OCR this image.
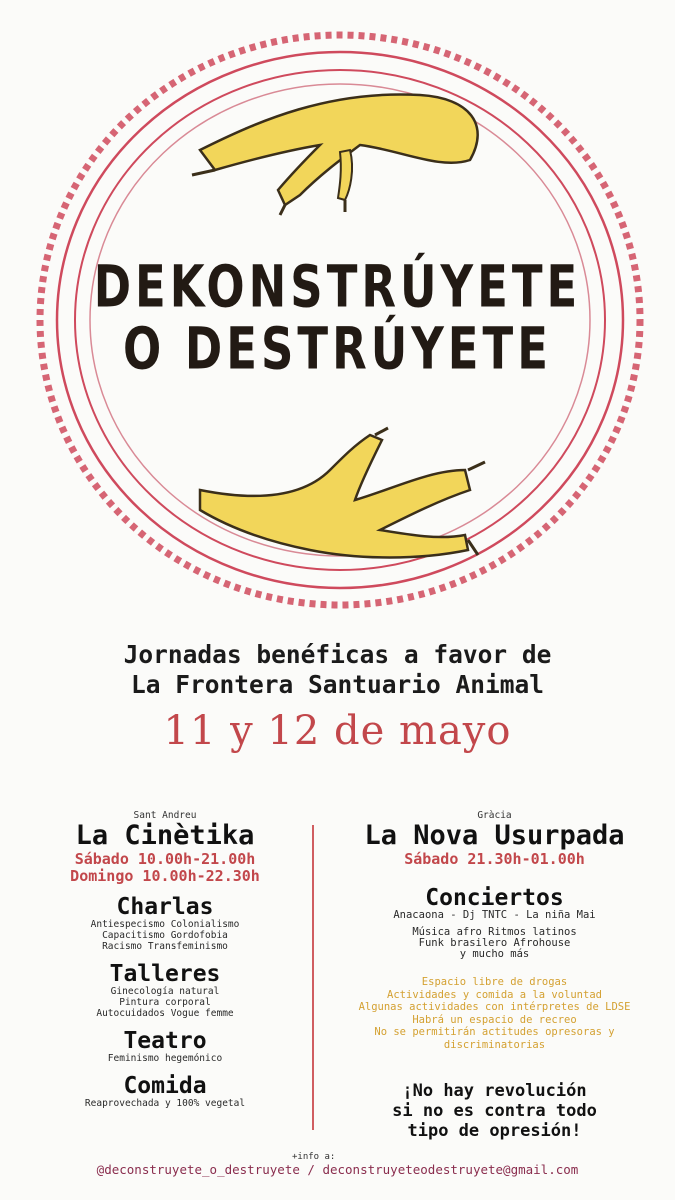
DEKONSTRÚYETE
O DESTRÚYETE
Jornadas benéficas a favor de
La Frontera Santuario Animal
11 y 12 de mayo
Sant Andreu
La Cinètika
Sábado 10.00h-21.00h
Domingo 10.00h-22.30h
Charlas
Antiespecismo Colonialismo
Capacitismo Gordofobia
Racismo Transfeminismo
Talleres
Ginecología natural
Pintura corporal
Autocuidados Vogue femme
Teatro
Feminismo hegemónico
Comida
Reaprovechada y 100% vegetal
Gràcia
La Nova Usurpada
Sábado 21.30h-01.00h
Conciertos
Anacaona - Dj TNTC - La niña Mai
Música afro Ritmos latinos
Funk brasilero Afrohouse
y mucho más
Espacio libre de drogas
Actividades y comida a la voluntad
Algunas actividades con intérpretes de LDSE
Habrá un espacio de recreo
No se permitirán actitudes opresoras y
discriminatorias
¡No hay revolución
si no es contra todo
tipo de opresión!
+info a:
@deconstruyete_o_destruyete / deconstruyeteodestruyete@gmail.com
